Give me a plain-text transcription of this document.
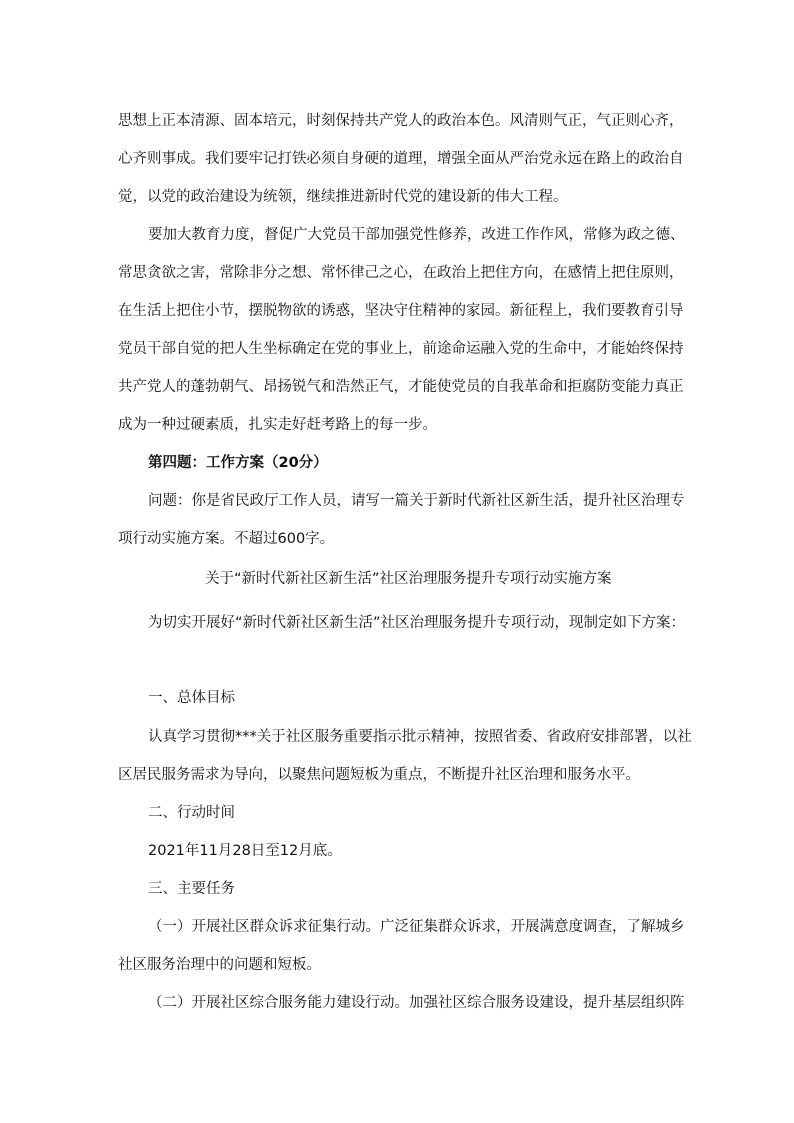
思想上正本清源、固本培元，时刻保持共产党人的政治本色。风清则气正，气正则心齐，
心齐则事成。我们要牢记打铁必须自身硬的道理，增强全面从严治党永远在路上的政治自
觉，以党的政治建设为统领，继续推进新时代党的建设新的伟大工程。
要加大教育力度，督促广大党员干部加强党性修养，改进工作作风，常修为政之德、
常思贪欲之害，常除非分之想、常怀律己之心，在政治上把住方向，在感情上把住原则，
在生活上把住小节，摆脱物欲的诱惑，坚决守住精神的家园。新征程上，我们要教育引导
党员干部自觉的把人生坐标确定在党的事业上，前途命运融入党的生命中，才能始终保持
共产党人的蓬勃朝气、昂扬锐气和浩然正气，才能使党员的自我革命和拒腐防变能力真正
成为一种过硬素质，扎实走好赶考路上的每一步。
第四题：工作方案（20分）
问题：你是省民政厅工作人员，请写一篇关于新时代新社区新生活，提升社区治理专
项行动实施方案。不超过600字。
关于“新时代新社区新生活”社区治理服务提升专项行动实施方案
为切实开展好“新时代新社区新生活”社区治理服务提升专项行动，现制定如下方案：
一、总体目标
认真学习贯彻***关于社区服务重要指示批示精神，按照省委、省政府安排部署，以社
区居民服务需求为导向，以聚焦问题短板为重点，不断提升社区治理和服务水平。
二、行动时间
2021年11月28日至12月底。
三、主要任务
（一）开展社区群众诉求征集行动。广泛征集群众诉求，开展满意度调查，了解城乡
社区服务治理中的问题和短板。
（二）开展社区综合服务能力建设行动。加强社区综合服务设建设，提升基层组织阵
